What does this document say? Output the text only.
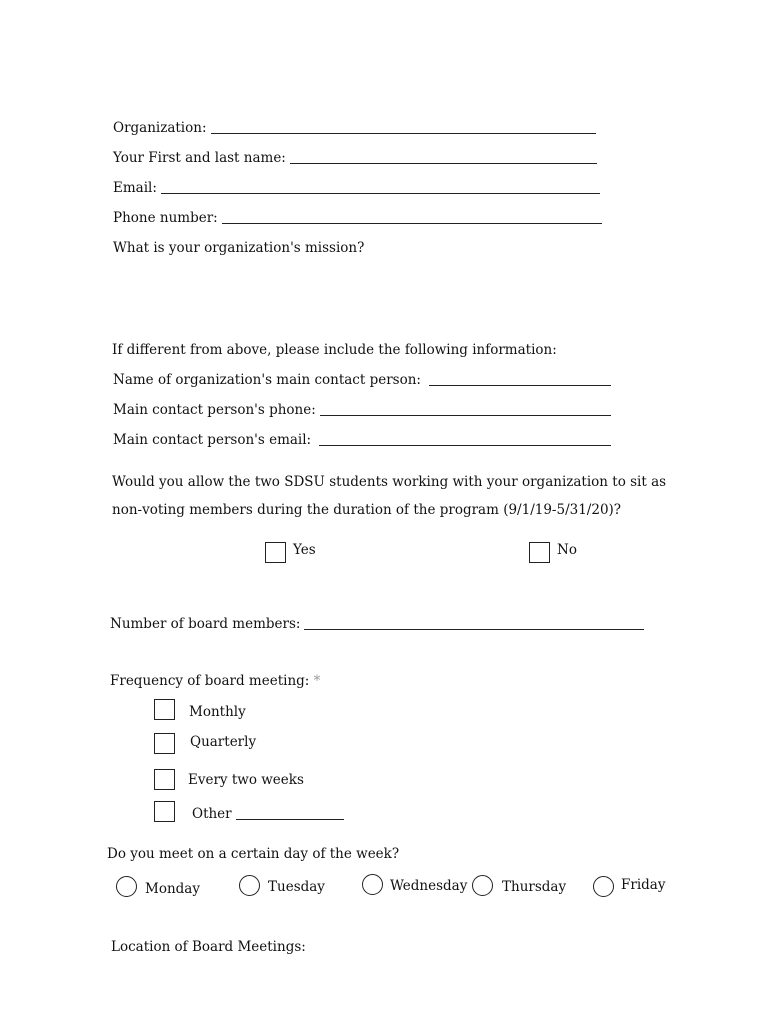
Organization:
Your First and last name:
Email:
Phone number:
What is your organization's mission?
If different from above, please include the following information:
Name of organization's main contact person:
Main contact person's phone:
Main contact person's email:
Would you allow the two SDSU students working with your organization to sit as
non-voting members during the duration of the program (9/1/19-5/31/20)?
Yes	No
Number of board members:
Frequency of board meeting: *
Monthly
Quarterly
Every two weeks
Other
Do you meet on a certain day of the week?
Monday	Tuesday	Wednesday	Thursday	Friday
Location of Board Meetings:
